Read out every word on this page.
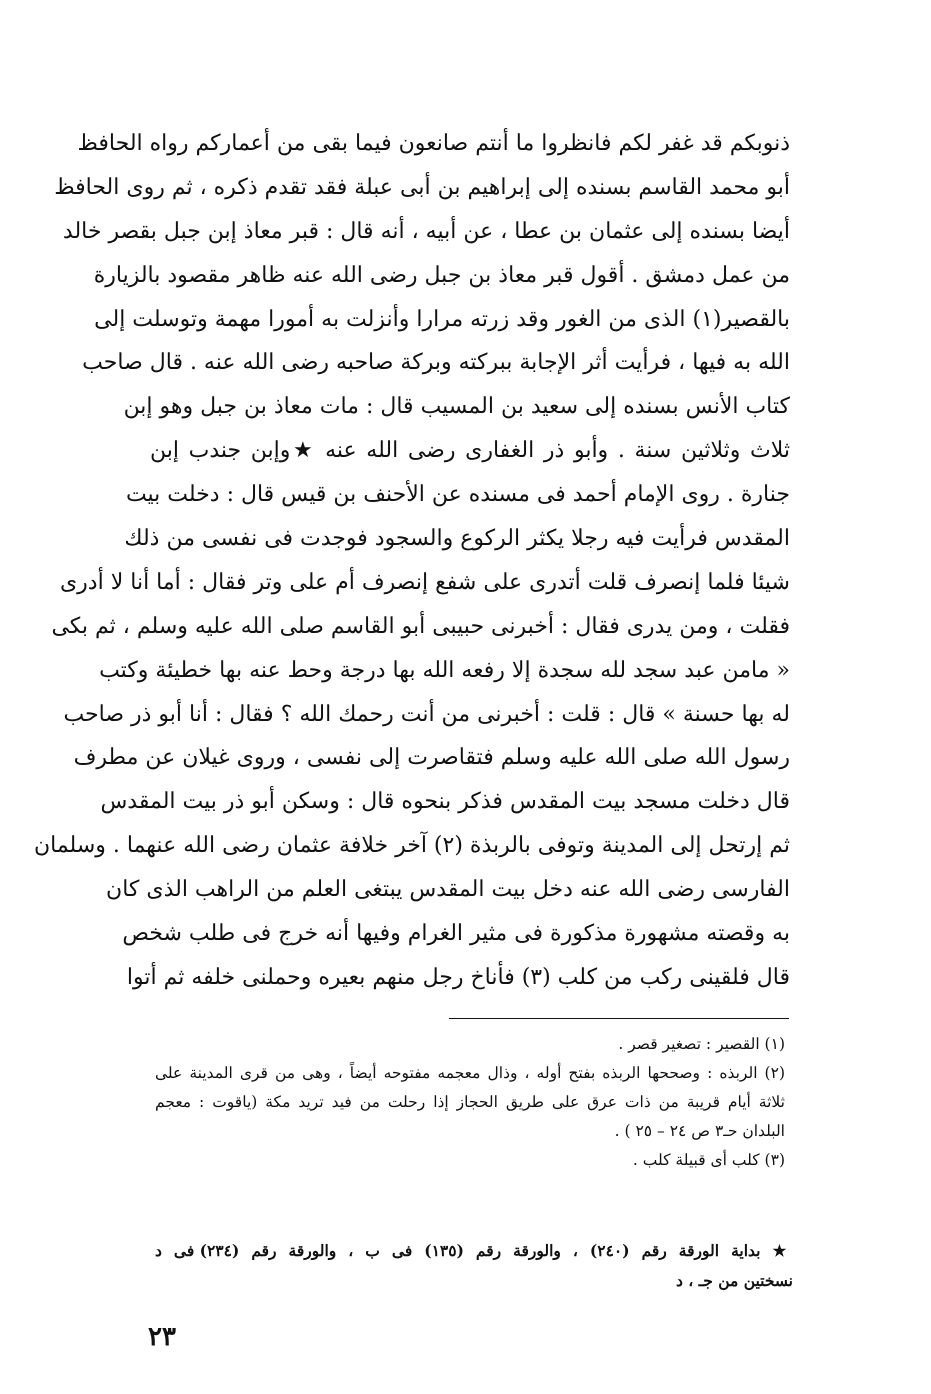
ذنوبكم قد غفر لكم فانظروا ما أنتم صانعون فيما بقى من أعماركم رواه الحافظ
أبو محمد القاسم بسنده إلى إبراهيم بن أبى عبلة فقد تقدم ذكره ، ثم روى الحافظ
أيضا بسنده إلى عثمان بن عطا ، عن أبيه ، أنه قال : قبر معاذ إبن جبل بقصر خالد
من عمل دمشق . أقول قبر معاذ بن جبل رضى الله عنه ظاهر مقصود بالزيارة
بالقصير(١) الذى من الغور وقد زرته مرارا وأنزلت به أمورا مهمة وتوسلت إلى
الله به فيها ، فرأيت أثر الإجابة ببركته وبركة صاحبه رضى الله عنه . قال صاحب
كتاب الأنس بسنده إلى سعيد بن المسيب قال : مات معاذ بن جبل وهو إبن
ثلاث وثلاثين سنة . وأبو ذر الغفارى رضى الله عنه ★وإبن جندب إبن
جنارة . روى الإمام أحمد فى مسنده عن الأحنف بن قيس قال : دخلت بيت
المقدس فرأيت فيه رجلا يكثر الركوع والسجود فوجدت فى نفسى من ذلك
شيئا فلما إنصرف قلت أتدرى على شفع إنصرف أم على وتر فقال : أما أنا لا أدرى
فقلت ، ومن يدرى فقال : أخبرنى حبيبى أبو القاسم صلى الله عليه وسلم ، ثم بكى
« مامن عبد سجد لله سجدة إلا رفعه الله بها درجة وحط عنه بها خطيئة وكتب
له بها حسنة » قال : قلت : أخبرنى من أنت رحمك الله ؟ فقال : أنا أبو ذر صاحب
رسول الله صلى الله عليه وسلم فتقاصرت إلى نفسى ، وروى غيلان عن مطرف
قال دخلت مسجد بيت المقدس فذكر بنحوه قال : وسكن أبو ذر بيت المقدس
ثم إرتحل إلى المدينة وتوفى بالربذة (٢) آخر خلافة عثمان رضى الله عنهما . وسلمان
الفارسى رضى الله عنه دخل بيت المقدس يبتغى العلم من الراهب الذى كان
به وقصته مشهورة مذكورة فى مثير الغرام وفيها أنه خرج فى طلب شخص
قال فلقينى ركب من كلب (٣) فأناخ رجل منهم بعيره وحملنى خلفه ثم أتوا
(١) القصير : تصغير قصر .
(٢) الربذه : وصححها الربذه بفتح أوله ، وذال معجمه مفتوحه أيضاً ، وهى من قرى المدينة على
ثلاثة أيام قريبة من ذات عرق على طريق الحجاز إذا رحلت من فيد تريد مكة (ياقوت : معجم
البلدان حـ٣ ص ٢٤ – ٢٥ ) .
(٣) كلب أى قبيلة كلب .
★ بداية الورقة رقم (٢٤٠) ، والورقة رقم (١٣٥) فى ب ، والورقة رقم (٢٣٤) فى د
نسختين من جـ ، د
٢٣
